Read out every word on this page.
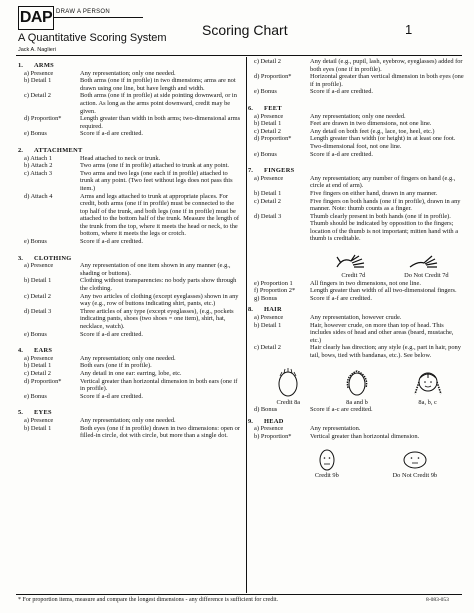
DAP DRAW A PERSON
A Quantitative Scoring System
Jack A. Naglieri
Scoring Chart	1
1.	ARMS
a) Presence	Any representation; only one needed.
b) Detail 1	Both arms (one if in profile) in two dimensions; arms are not drawn using one line, but have length and width.
c) Detail 2	Both arms (one if in profile) at side pointing downward, or in action. As long as the arms point downward, credit may be given.
d) Proportion*	Length greater than width in both arms; two-dimensional arms required.
e) Bonus	Score if a-d are credited.
2.	ATTACHMENT
a) Attach 1	Head attached to neck or trunk.
b) Attach 2	Two arms (one if in profile) attached to trunk at any point.
c) Attach 3	Two arms and two legs (one each if in profile) attached to trunk at any point. (Two feet without legs does not pass this item.)
d) Attach 4	Arms and legs attached to trunk at appropriate places. For credit, both arms (one if in profile) must be connected to the top half of the trunk, and both legs (one if in profile) must be attached to the bottom half of the trunk. Measure the length of the trunk from the top, where it meets the head or neck, to the bottom, where it meets the legs or crotch.
e) Bonus	Score if a-d are credited.
3.	CLOTHING
a) Presence	Any representation of one item shown in any manner (e.g., shading or buttons).
b) Detail 1	Clothing without transparencies: no body parts show through the clothing.
c) Detail 2	Any two articles of clothing (except eyeglasses) shown in any way (e.g., row of buttons indicating shirt, pants, etc.)
d) Detail 3	Three articles of any type (except eyeglasses), (e.g., pockets indicating pants, shoes (two shoes = one item), shirt, hat, necklace, watch).
e) Bonus	Score if a-d are credited.
4.	EARS
a) Presence	Any representation; only one needed.
b) Detail 1	Both ears (one if in profile).
c) Detail 2	Any detail in one ear: earring, lobe, etc.
d) Proportion*	Vertical greater than horizontal dimension in both ears (one if in profile).
e) Bonus	Score if a-d are credited.
5.	EYES
a) Presence	Any representation; only one needed.
b) Detail 1	Both eyes (one if in profile) drawn in two dimensions: open or filled-in circle, dot with circle, but more than a single dot.
c) Detail 2	Any detail (e.g., pupil, lash, eyebrow, eyeglasses) added for both eyes (one if in profile).
d) Proportion*	Horizontal greater than vertical dimension in both eyes (one if in profile).
e) Bonus	Score if a-d are credited.
6.	FEET
a) Presence	Any representation; only one needed.
b) Detail 1	Feet are drawn in two dimensions, not one line.
c) Detail 2	Any detail on both feet (e.g., lace, toe, heel, etc.)
d) Proportion*	Length greater than width (or height) in at least one foot. Two-dimensional foot, not one line.
e) Bonus	Score if a-d are credited.
7.	FINGERS
a) Presence	Any representation; any number of fingers on hand (e.g., circle at end of arm).
b) Detail 1	Five fingers on either hand, drawn in any manner.
c) Detail 2	Five fingers on both hands (one if in profile), drawn in any manner. Note: thumb counts as a finger.
d) Detail 3	Thumb clearly present in both hands (one if in profile). Thumb should be indicated by opposition to the fingers; location of the thumb is not important; mitten hand with a thumb is creditable.
Credit 7d	Do Not Credit 7d
e) Proportion 1	All fingers in two dimensions, not one line.
f) Proportion 2*	Length greater than width of all two-dimensional fingers.
g) Bonus	Score if a-f are credited.
8.	HAIR
a) Presence	Any representation, however crude.
b) Detail 1	Hair, however crude, on more than top of head. This includes sides of head and other areas (beard, mustache, etc.)
c) Detail 2	Hair clearly has direction; any style (e.g., part in hair, pony tail, bows, tied with bandanas, etc.). See below.
Credit 8a	8a and b	8a, b, c
d) Bonus	Score if a-c are credited.
9.	HEAD
a) Presence	Any representation.
b) Proportion*	Vertical greater than horizontal dimension.
Credit 9b	Do Not Credit 9b
* For proportion items, measure and compare the longest dimensions - any difference is sufficient for credit.	8-083-053
